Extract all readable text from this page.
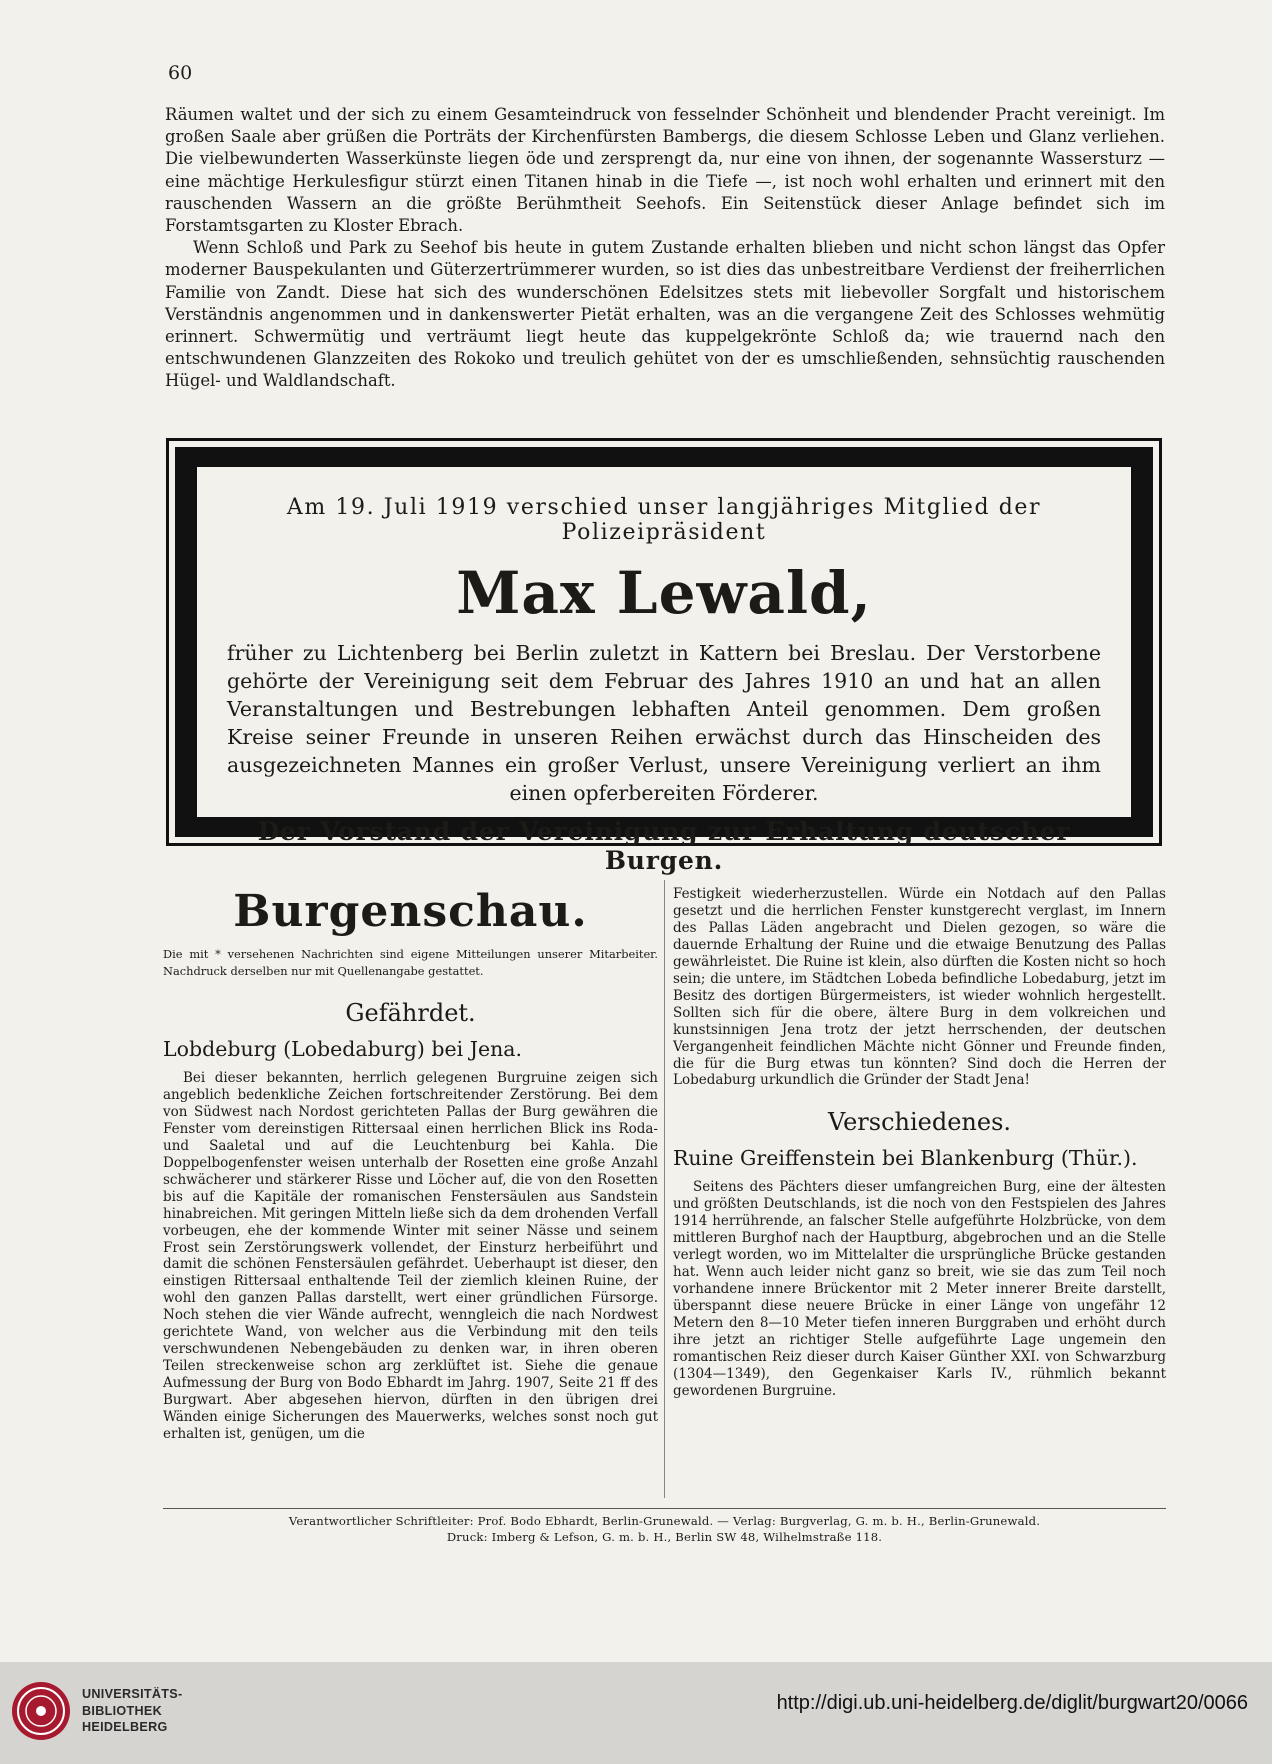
60

Räumen waltet und der sich zu einem Gesamteindruck von fesselnder Schönheit und blendender Pracht vereinigt. Im großen Saale aber grüßen die Porträts der Kirchenfürsten Bambergs, die diesem Schlosse Leben und Glanz verliehen. Die vielbewunderten Wasserkünste liegen öde und zersprengt da, nur eine von ihnen, der sogenannte Wassersturz — eine mächtige Herkulesfigur stürzt einen Titanen hinab in die Tiefe —, ist noch wohl erhalten und erinnert mit den rauschenden Wassern an die größte Berühmtheit Seehofs. Ein Seitenstück dieser Anlage befindet sich im Forstamtsgarten zu Kloster Ebrach.

Wenn Schloß und Park zu Seehof bis heute in gutem Zustande erhalten blieben und nicht schon längst das Opfer moderner Bauspekulanten und Güterzertrümmerer wurden, so ist dies das unbestreitbare Verdienst der freiherrlichen Familie von Zandt. Diese hat sich des wunderschönen Edelsitzes stets mit liebevoller Sorgfalt und historischem Verständnis angenommen und in dankenswerter Pietät erhalten, was an die vergangene Zeit des Schlosses wehmütig erinnert. Schwermütig und verträumt liegt heute das kuppelgekrönte Schloß da; wie trauernd nach den entschwundenen Glanzzeiten des Rokoko und treulich gehütet von der es umschließenden, sehnsüchtig rauschenden Hügel- und Waldlandschaft.

Am 19. Juli 1919 verschied unser langjähriges Mitglied der Polizeipräsident
Max Lewald,
früher zu Lichtenberg bei Berlin zuletzt in Kattern bei Breslau. Der Verstorbene gehörte der Vereinigung seit dem Februar des Jahres 1910 an und hat an allen Veranstaltungen und Bestrebungen lebhaften Anteil genommen. Dem großen Kreise seiner Freunde in unseren Reihen erwächst durch das Hinscheiden des ausgezeichneten Mannes ein großer Verlust, unsere Vereinigung verliert an ihm einen opferbereiten Förderer.
Der Vorstand der Vereinigung zur Erhaltung deutscher Burgen.
Burgenschau.
Die mit * versehenen Nachrichten sind eigene Mitteilungen unserer Mitarbeiter. Nachdruck derselben nur mit Quellenangabe gestattet.
Gefährdet.
Lobdeburg (Lobedaburg) bei Jena.
Bei dieser bekannten, herrlich gelegenen Burgruine zeigen sich angeblich bedenkliche Zeichen fortschreitender Zerstörung. Bei dem von Südwest nach Nordost gerichteten Pallas der Burg gewähren die Fenster vom dereinstigen Rittersaal einen herrlichen Blick ins Roda- und Saaletal und auf die Leuchtenburg bei Kahla. Die Doppelbogenfenster weisen unterhalb der Rosetten eine große Anzahl schwächerer und stärkerer Risse und Löcher auf, die von den Rosetten bis auf die Kapitäle der romanischen Fenstersäulen aus Sandstein hinabreichen. Mit geringen Mitteln ließe sich da dem drohenden Verfall vorbeugen, ehe der kommende Winter mit seiner Nässe und seinem Frost sein Zerstörungswerk vollendet, der Einsturz herbeiführt und damit die schönen Fenstersäulen gefährdet. Ueberhaupt ist dieser, den einstigen Rittersaal enthaltende Teil der ziemlich kleinen Ruine, der wohl den ganzen Pallas darstellt, wert einer gründlichen Fürsorge. Noch stehen die vier Wände aufrecht, wenngleich die nach Nordwest gerichtete Wand, von welcher aus die Verbindung mit den teils verschwundenen Nebengebäuden zu denken war, in ihren oberen Teilen streckenweise schon arg zerklüftet ist. Siehe die genaue Aufmessung der Burg von Bodo Ebhardt im Jahrg. 1907, Seite 21 ff des Burgwart. Aber abgesehen hiervon, dürften in den übrigen drei Wänden einige Sicherungen des Mauerwerks, welches sonst noch gut erhalten ist, genügen, um die
Festigkeit wiederherzustellen. Würde ein Notdach auf den Pallas gesetzt und die herrlichen Fenster kunstgerecht verglast, im Innern des Pallas Läden angebracht und Dielen gezogen, so wäre die dauernde Erhaltung der Ruine und die etwaige Benutzung des Pallas gewährleistet. Die Ruine ist klein, also dürften die Kosten nicht so hoch sein; die untere, im Städtchen Lobeda befindliche Lobedaburg, jetzt im Besitz des dortigen Bürgermeisters, ist wieder wohnlich hergestellt. Sollten sich für die obere, ältere Burg in dem volkreichen und kunstsinnigen Jena trotz der jetzt herrschenden, der deutschen Vergangenheit feindlichen Mächte nicht Gönner und Freunde finden, die für die Burg etwas tun könnten? Sind doch die Herren der Lobedaburg urkundlich die Gründer der Stadt Jena!
Verschiedenes.
Ruine Greiffenstein bei Blankenburg (Thür.).
Seitens des Pächters dieser umfangreichen Burg, eine der ältesten und größten Deutschlands, ist die noch von den Festspielen des Jahres 1914 herrührende, an falscher Stelle aufgeführte Holzbrücke, von dem mittleren Burghof nach der Hauptburg, abgebrochen und an die Stelle verlegt worden, wo im Mittelalter die ursprüngliche Brücke gestanden hat. Wenn auch leider nicht ganz so breit, wie sie das zum Teil noch vorhandene innere Brückentor mit 2 Meter innerer Breite darstellt, überspannt diese neuere Brücke in einer Länge von ungefähr 12 Metern den 8—10 Meter tiefen inneren Burggraben und erhöht durch ihre jetzt an richtiger Stelle aufgeführte Lage ungemein den romantischen Reiz dieser durch Kaiser Günther XXI. von Schwarzburg (1304—1349), den Gegenkaiser Karls IV., rühmlich bekannt gewordenen Burgruine.
Verantwortlicher Schriftleiter: Prof. Bodo Ebhardt, Berlin-Grunewald. — Verlag: Burgverlag, G. m. b. H., Berlin-Grunewald.
Druck: Imberg & Lefson, G. m. b. H., Berlin SW 48, Wilhelmstraße 118.
UNIVERSITÄTS-
BIBLIOTHEK
HEIDELBERG
http://digi.ub.uni-heidelberg.de/diglit/burgwart20/0066
